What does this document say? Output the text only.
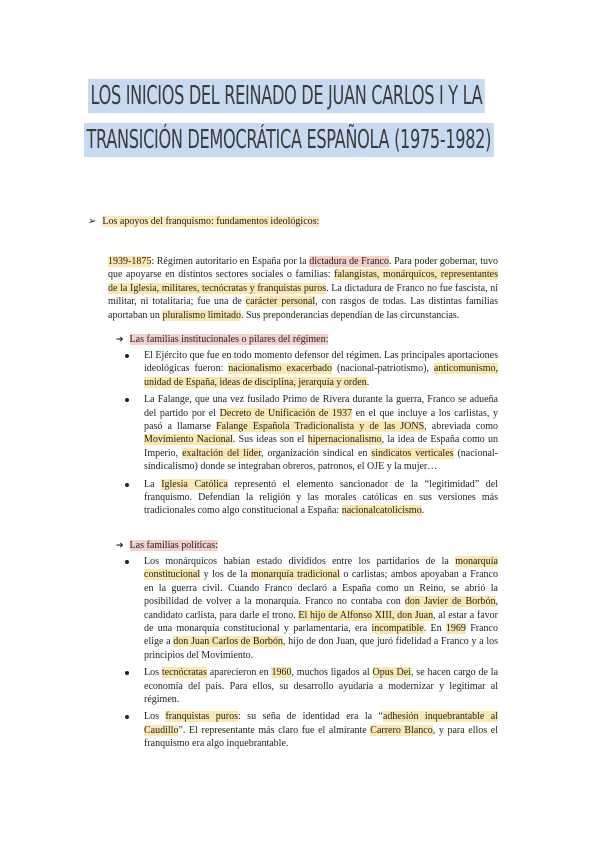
LOS INICIOS DEL REINADO DE JUAN CARLOS I Y LA
TRANSICIÓN DEMOCRÁTICA ESPAÑOLA (1975-1982)
➢ Los apoyos del franquismo: fundamentos ideológicos:

1939-1875: Régimen autoritario en España por la dictadura de Franco. Para poder gobernar, tuvo que apoyarse en distintos sectores sociales o familias: falangistas, monárquicos, representantes de la Iglesia, militares, tecnócratas y franquistas puros. La dictadura de Franco no fue fascista, ni militar, ni totalitaria; fue una de carácter personal, con rasgos de todas. Las distintas familias aportaban un pluralismo limitado. Sus preponderancias dependían de las circunstancias.

➔ Las familias institucionales o pilares del régimen:
El Ejército que fue en todo momento defensor del régimen. Las principales aportaciones ideológicas fueron: nacionalismo exacerbado (nacional-patriotismo), anticomunismo, unidad de España, ideas de disciplina, jerarquía y orden.
La Falange, que una vez fusilado Primo de Rivera durante la guerra, Franco se adueña del partido por el Decreto de Unificación de 1937 en el que incluye a los carlistas, y pasó a llamarse Falange Española Tradicionalista y de las JONS, abreviada como Movimiento Nacional. Sus ideas son el hipernacionalismo, la idea de España como un Imperio, exaltación del líder, organización sindical en sindicatos verticales (nacional-sindicalismo) donde se integraban obreros, patronos, el OJE y la mujer…
La Iglesia Católica representó el elemento sancionador de la “legitimidad” del franquismo. Defendían la religión y las morales católicas en sus versiones más tradicionales como algo constitucional a España: nacionalcatolicismo.
➔ Las familias políticas:
Los monárquicos habían estado divididos entre los partidarios de la monarquía constitucional y los de la monarquía tradicional o carlistas; ambos apoyaban a Franco en la guerra civil. Cuando Franco declaró a España como un Reino, se abrió la posibilidad de volver a la monarquía. Franco no contaba con don Javier de Borbón, candidato carlista, para darle el trono. El hijo de Alfonso XIII, don Juan, al estar a favor de una monarquía constitucional y parlamentaria, era incompatible. En 1969 Franco elige a don Juan Carlos de Borbón, hijo de don Juan, que juró fidelidad a Franco y a los principios del Movimiento.
Los tecnócratas aparecieron en 1960, muchos ligados al Opus Dei, se hacen cargo de la economía del país. Para ellos, su desarrollo ayudaría a modernizar y legitimar al régimen.
Los franquistas puros: su seña de identidad era la “adhesión inquebrantable al Caudillo”. El representante más claro fue el almirante Carrero Blanco, y para ellos el franquismo era algo inquebrantable.
